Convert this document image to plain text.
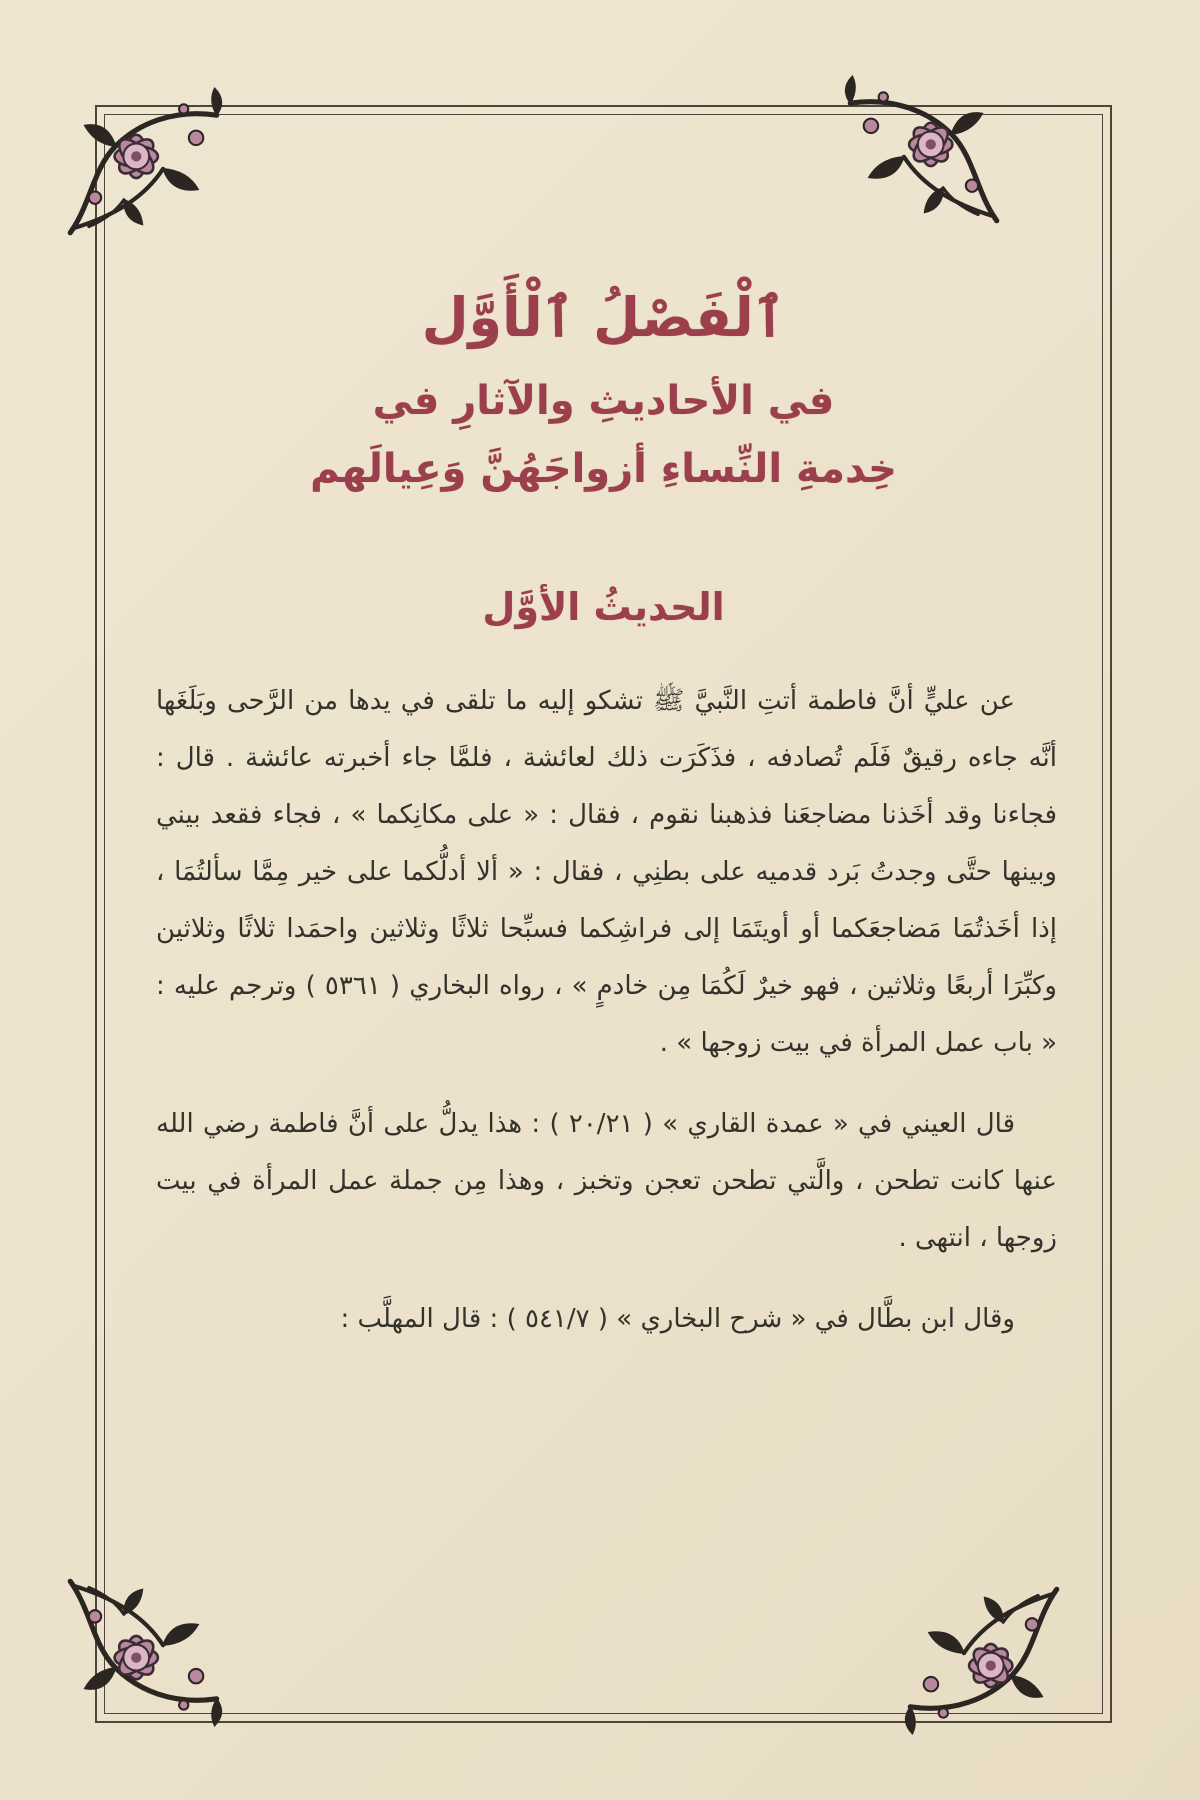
ٱلْفَصْلُ ٱلْأَوَّل
في الأحاديثِ والآثارِ في
خِدمةِ النِّساءِ أزواجَهُنَّ وَعِيالَهم
الحديثُ الأوَّل

عن عليٍّ أنَّ فاطمة أتتِ النَّبيَّ ﷺ تشكو إليه ما تلقى في يدها من الرَّحى وبَلَغَها أنَّه جاءه رقيقٌ فَلَم تُصادفه ، فذَكَرَت ذلك لعائشة ، فلمَّا جاء أخبرته عائشة . قال : فجاءنا وقد أخَذنا مضاجعَنا فذهبنا نقوم ، فقال : « على مكانِكما » ، فجاء فقعد بيني وبينها حتَّى وجدتُ بَرد قدميه على بطنِي ، فقال : « ألا أدلُّكما على خير مِمَّا سألتُمَا ، إذا أخَذتُمَا مَضاجعَكما أو أويتَمَا إلى فراشِكما فسبِّحا ثلاثًا وثلاثين واحمَدا ثلاثًا وثلاثين وكبِّرَا أربعًا وثلاثين ، فهو خيرٌ لَكُمَا مِن خادمٍ » ، رواه البخاري ( ٥٣٦١ ) وترجم عليه : « باب عمل المرأة في بيت زوجها » .

قال العيني في « عمدة القاري » ( ٢٠/٢١ ) : هذا يدلُّ على أنَّ فاطمة رضي الله عنها كانت تطحن ، والَّتي تطحن تعجن وتخبز ، وهذا مِن جملة عمل المرأة في بيت زوجها ، انتهى .

وقال ابن بطَّال في « شرح البخاري » ( ٥٤١/٧ ) : قال المهلَّب :
